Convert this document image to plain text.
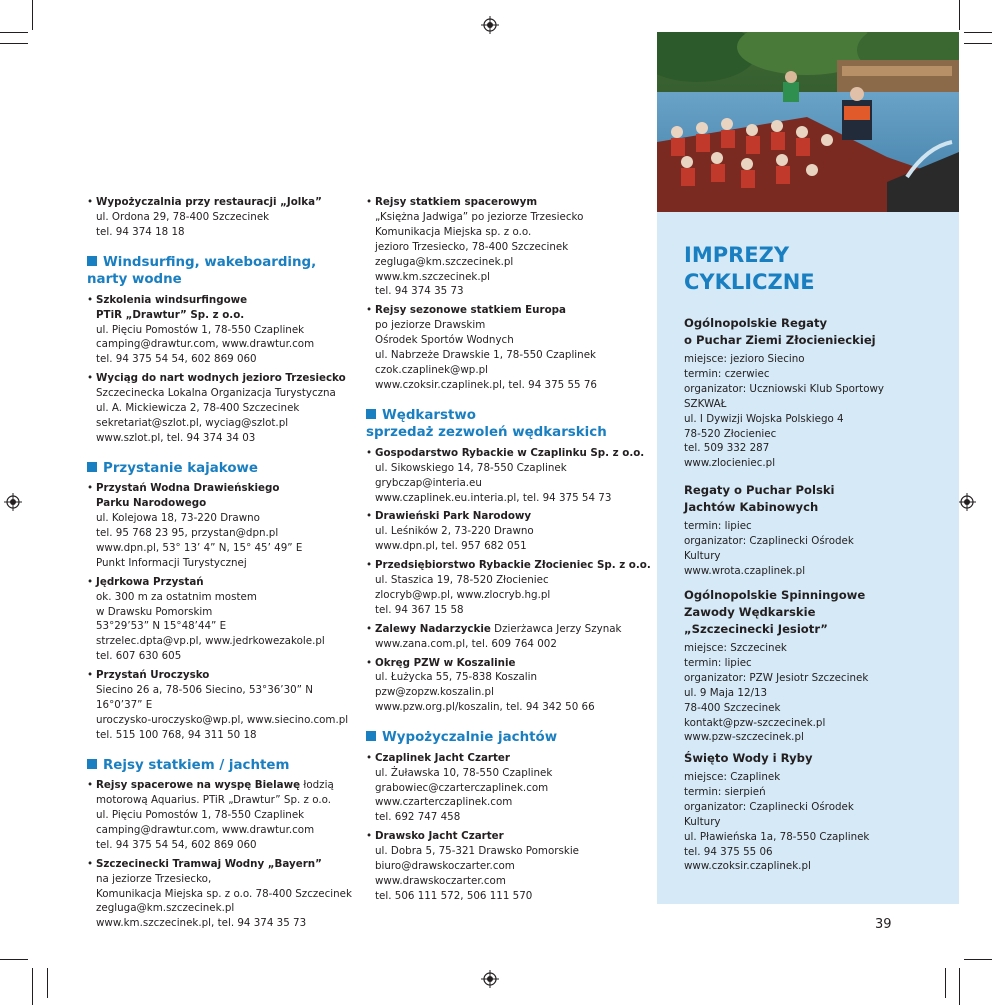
• Wypożyczalnia przy restauracji „Jolka”
ul. Ordona 29, 78-400 Szczecinek
tel. 94 374 18 18
Windsurfing, wakeboarding,
narty wodne
• Szkolenia windsurfingowe
PTiR „Drawtur” Sp. z o.o.
ul. Pięciu Pomostów 1, 78-550 Czaplinek
camping@drawtur.com, www.drawtur.com
tel. 94 375 54 54, 602 869 060
• Wyciąg do nart wodnych jezioro Trzesiecko
Szczecinecka Lokalna Organizacja Turystyczna
ul. A. Mickiewicza 2, 78-400 Szczecinek
sekretariat@szlot.pl, wyciag@szlot.pl
www.szlot.pl, tel. 94 374 34 03
Przystanie kajakowe
• Przystań Wodna Drawieńskiego
Parku Narodowego
ul. Kolejowa 18, 73-220 Drawno
tel. 95 768 23 95, przystan@dpn.pl
www.dpn.pl, 53° 13’ 4” N, 15° 45’ 49” E
Punkt Informacji Turystycznej
• Jędrkowa Przystań
ok. 300 m za ostatnim mostem
w Drawsku Pomorskim
53°29’53” N 15°48’44” E
strzelec.dpta@vp.pl, www.jedrkowezakole.pl
tel. 607 630 605
• Przystań Uroczysko
Siecino 26 a, 78-506 Siecino, 53°36’30” N 16°0’37” E
uroczysko-uroczysko@wp.pl, www.siecino.com.pl
tel. 515 100 768, 94 311 50 18
Rejsy statkiem / jachtem
• Rejsy spacerowe na wyspę Bielawę łodzią
motorową Aquarius. PTiR „Drawtur” Sp. z o.o.
ul. Pięciu Pomostów 1, 78-550 Czaplinek
camping@drawtur.com, www.drawtur.com
tel. 94 375 54 54, 602 869 060
• Szczecinecki Tramwaj Wodny „Bayern”
na jeziorze Trzesiecko,
Komunikacja Miejska sp. z o.o. 78-400 Szczecinek
zegluga@km.szczecinek.pl
www.km.szczecinek.pl, tel. 94 374 35 73
• Rejsy statkiem spacerowym
„Księżna Jadwiga” po jeziorze Trzesiecko
Komunikacja Miejska sp. z o.o.
jezioro Trzesiecko, 78-400 Szczecinek
zegluga@km.szczecinek.pl
www.km.szczecinek.pl
tel. 94 374 35 73
• Rejsy sezonowe statkiem Europa
po jeziorze Drawskim
Ośrodek Sportów Wodnych
ul. Nabrzeże Drawskie 1, 78-550 Czaplinek
czok.czaplinek@wp.pl
www.czoksir.czaplinek.pl, tel. 94 375 55 76
Wędkarstwo
sprzedaż zezwoleń wędkarskich
• Gospodarstwo Rybackie w Czaplinku Sp. z o.o.
ul. Sikowskiego 14, 78-550 Czaplinek
grybczap@interia.eu
www.czaplinek.eu.interia.pl, tel. 94 375 54 73
• Drawieński Park Narodowy
ul. Leśników 2, 73-220 Drawno
www.dpn.pl, tel. 957 682 051
• Przedsiębiorstwo Rybackie Złocieniec Sp. z o.o.
ul. Staszica 19, 78-520 Złocieniec
zlocryb@wp.pl, www.zlocryb.hg.pl
tel. 94 367 15 58
• Zalewy Nadarzyckie Dzierżawca Jerzy Szynak
www.zana.com.pl, tel. 609 764 002
• Okręg PZW w Koszalinie
ul. Łużycka 55, 75-838 Koszalin
pzw@zopzw.koszalin.pl
www.pzw.org.pl/koszalin, tel. 94 342 50 66
Wypożyczalnie jachtów
• Czaplinek Jacht Czarter
ul. Żuławska 10, 78-550 Czaplinek
grabowiec@czarterczaplinek.com
www.czarterczaplinek.com
tel. 692 747 458
• Drawsko Jacht Czarter
ul. Dobra 5, 75-321 Drawsko Pomorskie
biuro@drawskoczarter.com
www.drawskoczarter.com
tel. 506 111 572, 506 111 570
IMPREZY
CYKLICZNE
Ogólnopolskie Regaty
o Puchar Ziemi Złocienieckiej
miejsce: jezioro Siecino
termin: czerwiec
organizator: Uczniowski Klub Sportowy
SZKWAŁ
ul. I Dywizji Wojska Polskiego 4
78-520 Złocieniec
tel. 509 332 287
www.zlocieniec.pl
Regaty o Puchar Polski
Jachtów Kabinowych
termin: lipiec
organizator: Czaplinecki Ośrodek
Kultury
www.wrota.czaplinek.pl
Ogólnopolskie Spinningowe
Zawody Wędkarskie
„Szczecinecki Jesiotr”
miejsce: Szczecinek
termin: lipiec
organizator: PZW Jesiotr Szczecinek
ul. 9 Maja 12/13
78-400 Szczecinek
kontakt@pzw-szczecinek.pl
www.pzw-szczecinek.pl
Święto Wody i Ryby
miejsce: Czaplinek
termin: sierpień
organizator: Czaplinecki Ośrodek
Kultury
ul. Pławieńska 1a, 78-550 Czaplinek
tel. 94 375 55 06
www.czoksir.czaplinek.pl
39
